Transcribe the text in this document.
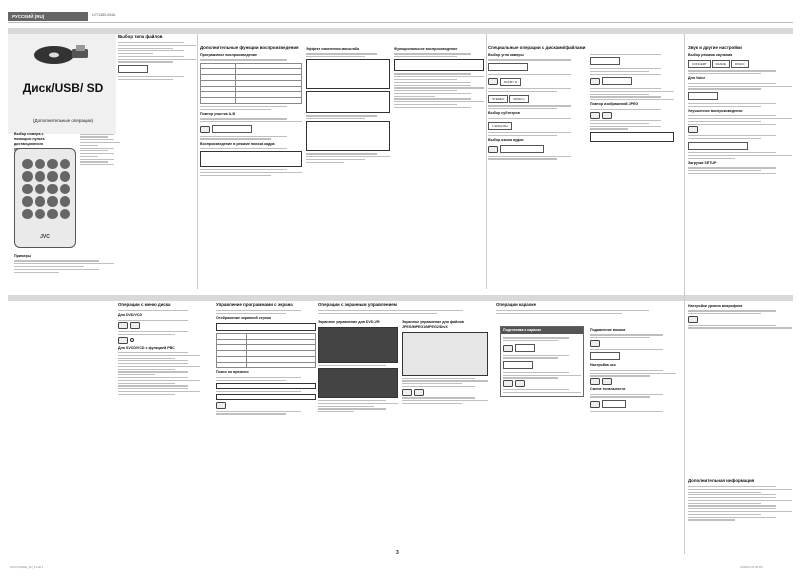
РУССКИЙ (RU)	LVT1383-004A
Диск/USB/ SD
(Дополнительные операции)
Выбор типа файлов

Выбор номера с помощью пульта дистанционного
JVC
Примеры
Дополнительные функции воспроизведения
Программное воспроизведение

Повтор участка A-B

Воспроизведение в режиме поиска кадра
Эффект изменения масштаба	Функциональное воспроизведение	Специальные операции с дисками/файлами
Выбор угла камеры

DOLBY D
STEREO	MONO L
Выбор субтитров
1 ENGLISH
Выбор языка аудио

Повтор изображений JPEG
Звук и другие настройки
Выбор режима звучания
CONCERT	DANCE	DISCO
Для Voice

Улучшенное воспроизведение

Загрузка SETUP
Операции с меню диска
Для DVD/VCD
Для SVCD/VCD с функцией PBC
Управление программами с экрана
Отображение экранной строки

Поиск по времени
Операции с экранным управлением
Экранное управление для DVD-VR	Экранное управление для файлов JPEG/MPEG1/MPEG2/DivX
Операции караоке
Подготовка к караоке

	Подавление вокала

Настройка эхо
Смена тональности

Настройки уровня микрофона
Дополнительная информация
3
KD-AVX33[EE]_RU_3.indd 3	3/26/08 3:41:55 PM
